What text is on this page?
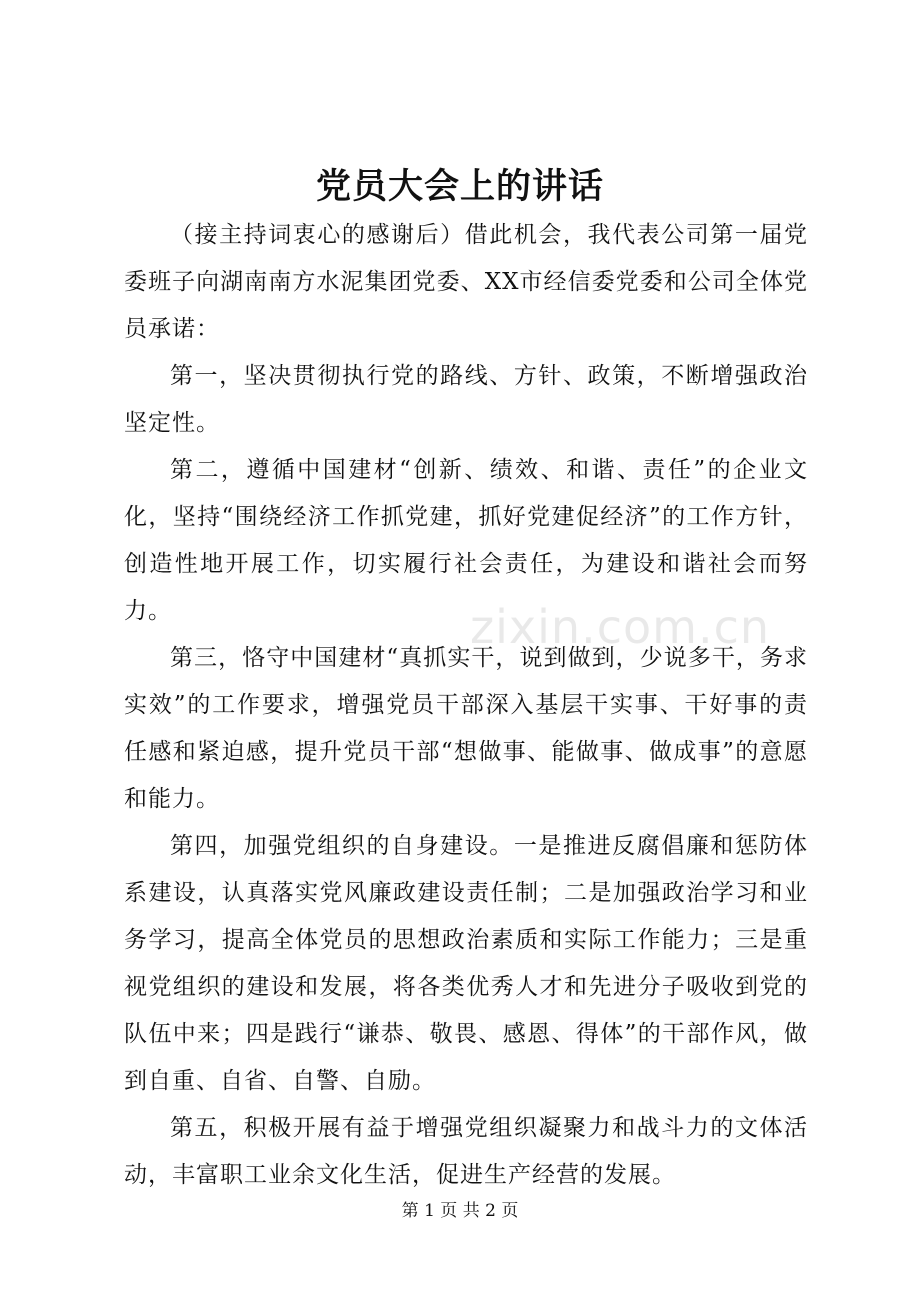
党员大会上的讲话

（接主持词衷心的感谢后）借此机会，我代表公司第一届党委班子向湖南南方水泥集团党委、XX市经信委党委和公司全体党员承诺：

第一，坚决贯彻执行党的路线、方针、政策，不断增强政治坚定性。

第二，遵循中国建材“创新、绩效、和谐、责任”的企业文化，坚持“围绕经济工作抓党建，抓好党建促经济”的工作方针，创造性地开展工作，切实履行社会责任，为建设和谐社会而努力。

第三，恪守中国建材“真抓实干，说到做到，少说多干，务求实效”的工作要求，增强党员干部深入基层干实事、干好事的责任感和紧迫感，提升党员干部“想做事、能做事、做成事”的意愿和能力。

第四，加强党组织的自身建设。一是推进反腐倡廉和惩防体系建设，认真落实党风廉政建设责任制；二是加强政治学习和业务学习，提高全体党员的思想政治素质和实际工作能力；三是重视党组织的建设和发展，将各类优秀人才和先进分子吸收到党的队伍中来；四是践行“谦恭、敬畏、感恩、得体”的干部作风，做到自重、自省、自警、自励。

第五，积极开展有益于增强党组织凝聚力和战斗力的文体活动，丰富职工业余文化生活，促进生产经营的发展。

zixin.com.cn
第 1 页 共 2 页
